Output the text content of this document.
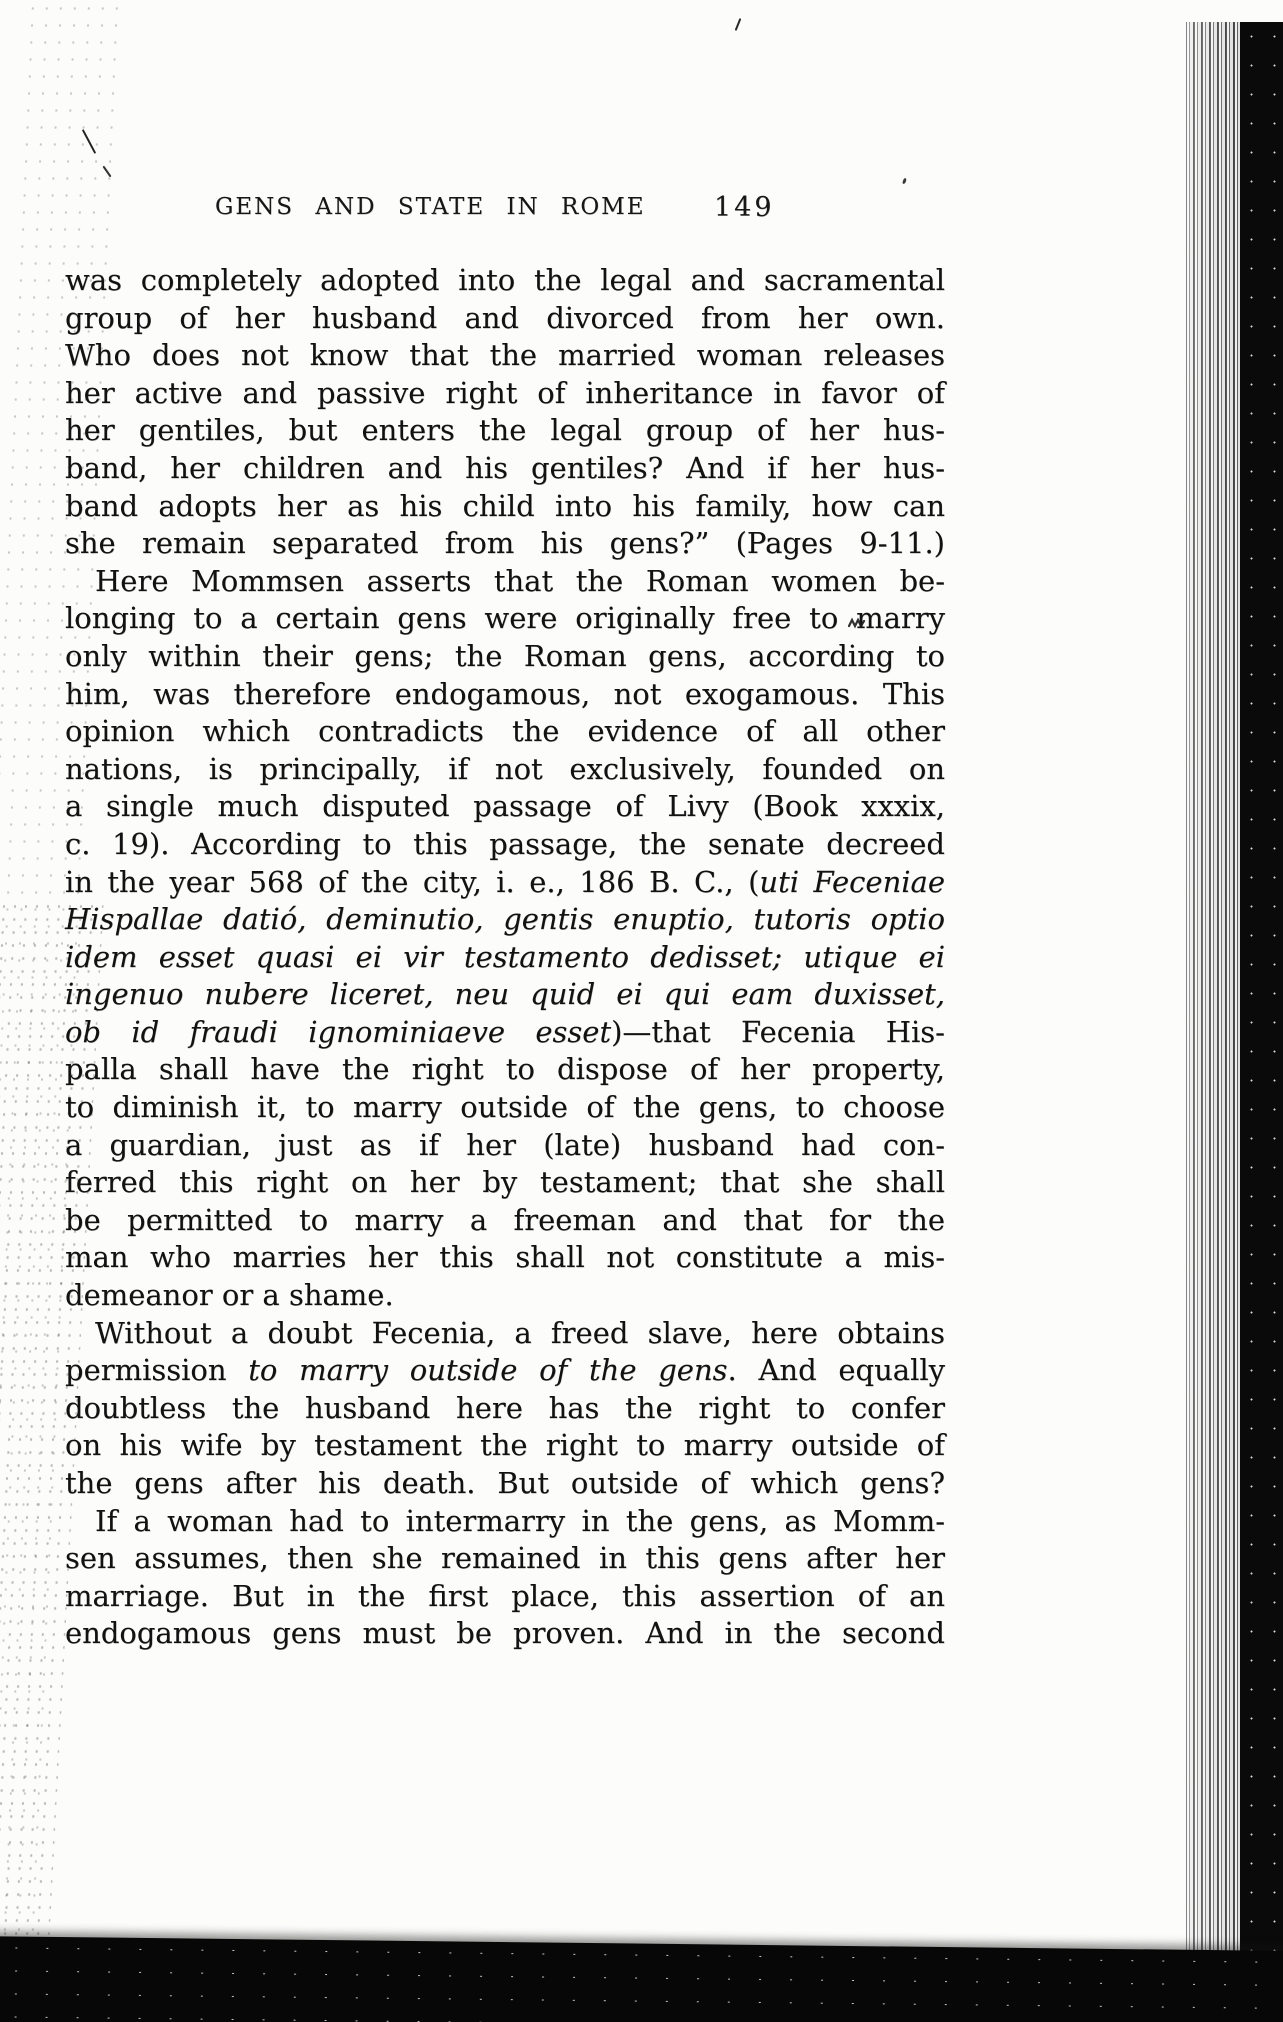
GENS AND STATE IN ROME	149
was completely adopted into the legal and sacramental
group of her husband and divorced from her own.
Who does not know that the married woman releases
her active and passive right of inheritance in favor of
her gentiles, but enters the legal group of her hus-
band, her children and his gentiles? And if her hus-
band adopts her as his child into his family, how can
she remain separated from his gens?” (Pages 9-11.)
Here Mommsen asserts that the Roman women be-
longing to a certain gens were originally free to marry
only within their gens; the Roman gens, according to
him, was therefore endogamous, not exogamous. This
opinion which contradicts the evidence of all other
nations, is principally, if not exclusively, founded on
a single much disputed passage of Livy (Book xxxix,
c. 19). According to this passage, the senate decreed
in the year 568 of the city, i. e., 186 B. C., (uti Feceniae
Hispallae datió, deminutio, gentis enuptio, tutoris optio
idem esset quasi ei vir testamento dedisset; utique ei
ingenuo nubere liceret, neu quid ei qui eam duxisset,
ob id fraudi ignominiaeve esset)—that Fecenia His-
palla shall have the right to dispose of her property,
to diminish it, to marry outside of the gens, to choose
a guardian, just as if her (late) husband had con-
ferred this right on her by testament; that she shall
be permitted to marry a freeman and that for the
man who marries her this shall not constitute a mis-
demeanor or a shame.
Without a doubt Fecenia, a freed slave, here obtains
permission to marry outside of the gens. And equally
doubtless the husband here has the right to confer
on his wife by testament the right to marry outside of
the gens after his death. But outside of which gens?
If a woman had to intermarry in the gens, as Momm-
sen assumes, then she remained in this gens after her
marriage. But in the first place, this assertion of an
endogamous gens must be proven. And in the second
